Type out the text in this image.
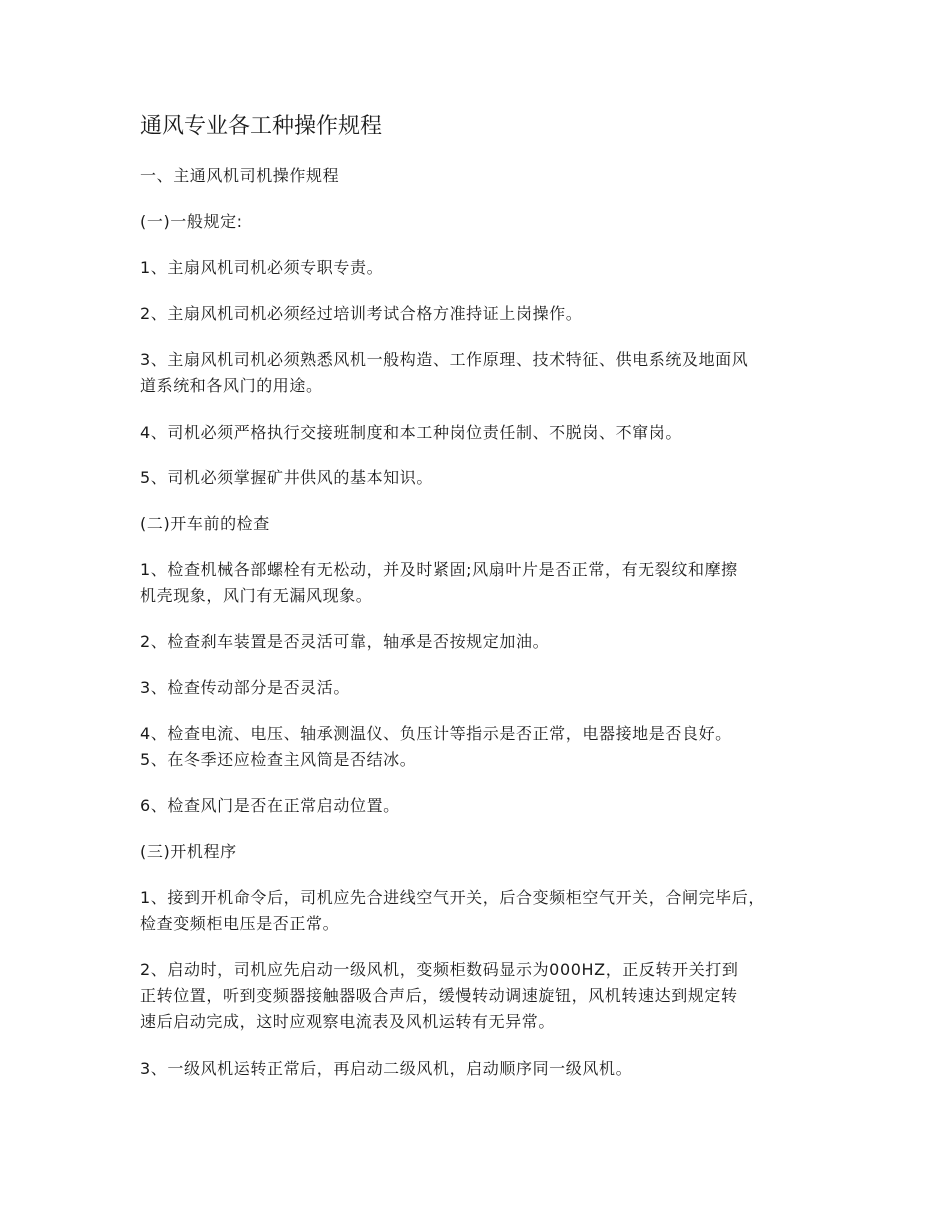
通风专业各工种操作规程
一、主通风机司机操作规程
(一)一般规定:
1、主扇风机司机必须专职专责。
2、主扇风机司机必须经过培训考试合格方准持证上岗操作。
3、主扇风机司机必须熟悉风机一般构造、工作原理、技术特征、供电系统及地面风
道系统和各风门的用途。
4、司机必须严格执行交接班制度和本工种岗位责任制、不脱岗、不窜岗。
5、司机必须掌握矿井供风的基本知识。
(二)开车前的检查
1、检查机械各部螺栓有无松动，并及时紧固;风扇叶片是否正常，有无裂纹和摩擦
机壳现象，风门有无漏风现象。
2、检查刹车装置是否灵活可靠，轴承是否按规定加油。
3、检查传动部分是否灵活。
4、检查电流、电压、轴承测温仪、负压计等指示是否正常，电器接地是否良好。
5、在冬季还应检查主风筒是否结冰。
6、检查风门是否在正常启动位置。
(三)开机程序
1、接到开机命令后，司机应先合进线空气开关，后合变频柜空气开关，合闸完毕后，
检查变频柜电压是否正常。
2、启动时，司机应先启动一级风机，变频柜数码显示为000HZ，正反转开关打到
正转位置，听到变频器接触器吸合声后，缓慢转动调速旋钮，风机转速达到规定转
速后启动完成，这时应观察电流表及风机运转有无异常。
3、一级风机运转正常后，再启动二级风机，启动顺序同一级风机。
